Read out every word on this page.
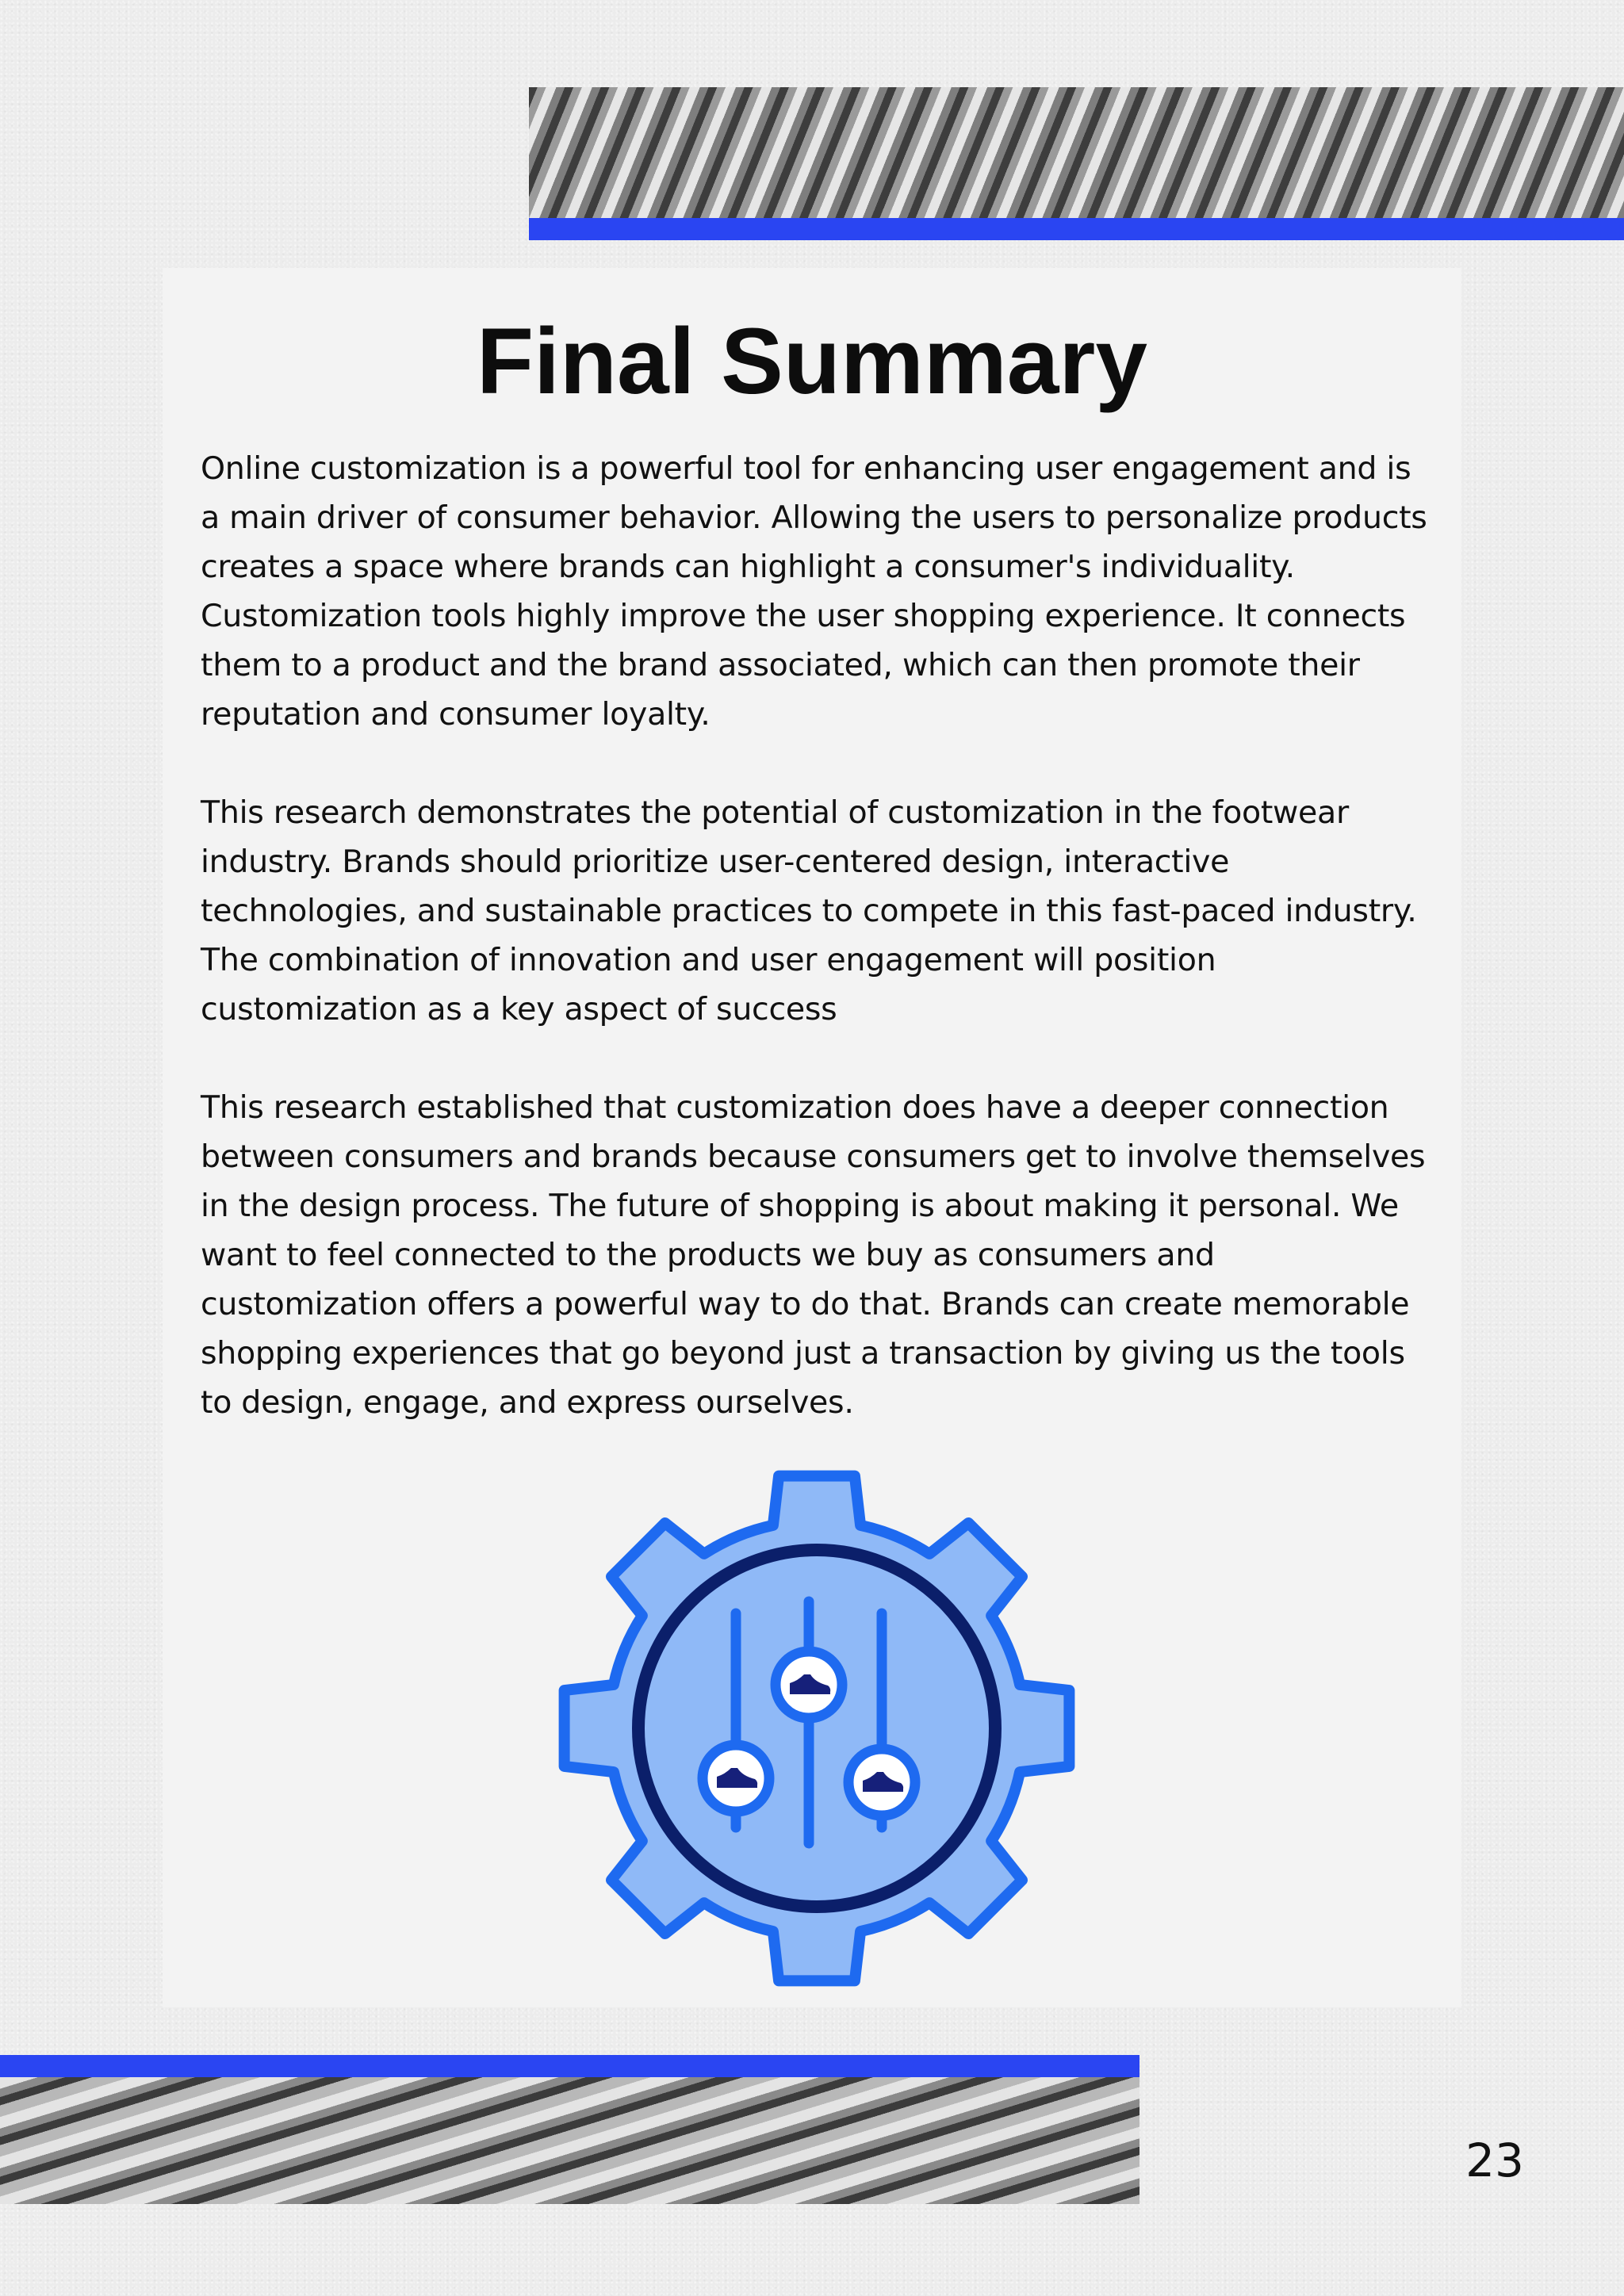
Final Summary

Online customization is a powerful tool for enhancing user engagement and is a main driver of consumer behavior. Allowing the users to personalize products creates a space where brands can highlight a consumer's individuality. Customization tools highly improve the user shopping experience. It connects them to a product and the brand associated, which can then promote their reputation and consumer loyalty.

This research demonstrates the potential of customization in the footwear industry. Brands should prioritize user-centered design, interactive technologies, and sustainable practices to compete in this fast-paced industry. The combination of innovation and user engagement will position customization as a key aspect of success

This research established that customization does have a deeper connection between consumers and brands because consumers get to involve themselves in the design process. The future of shopping is about making it personal. We want to feel connected to the products we buy as consumers and customization offers a powerful way to do that. Brands can create memorable shopping experiences that go beyond just a transaction by giving us the tools to design, engage, and express ourselves.

23
